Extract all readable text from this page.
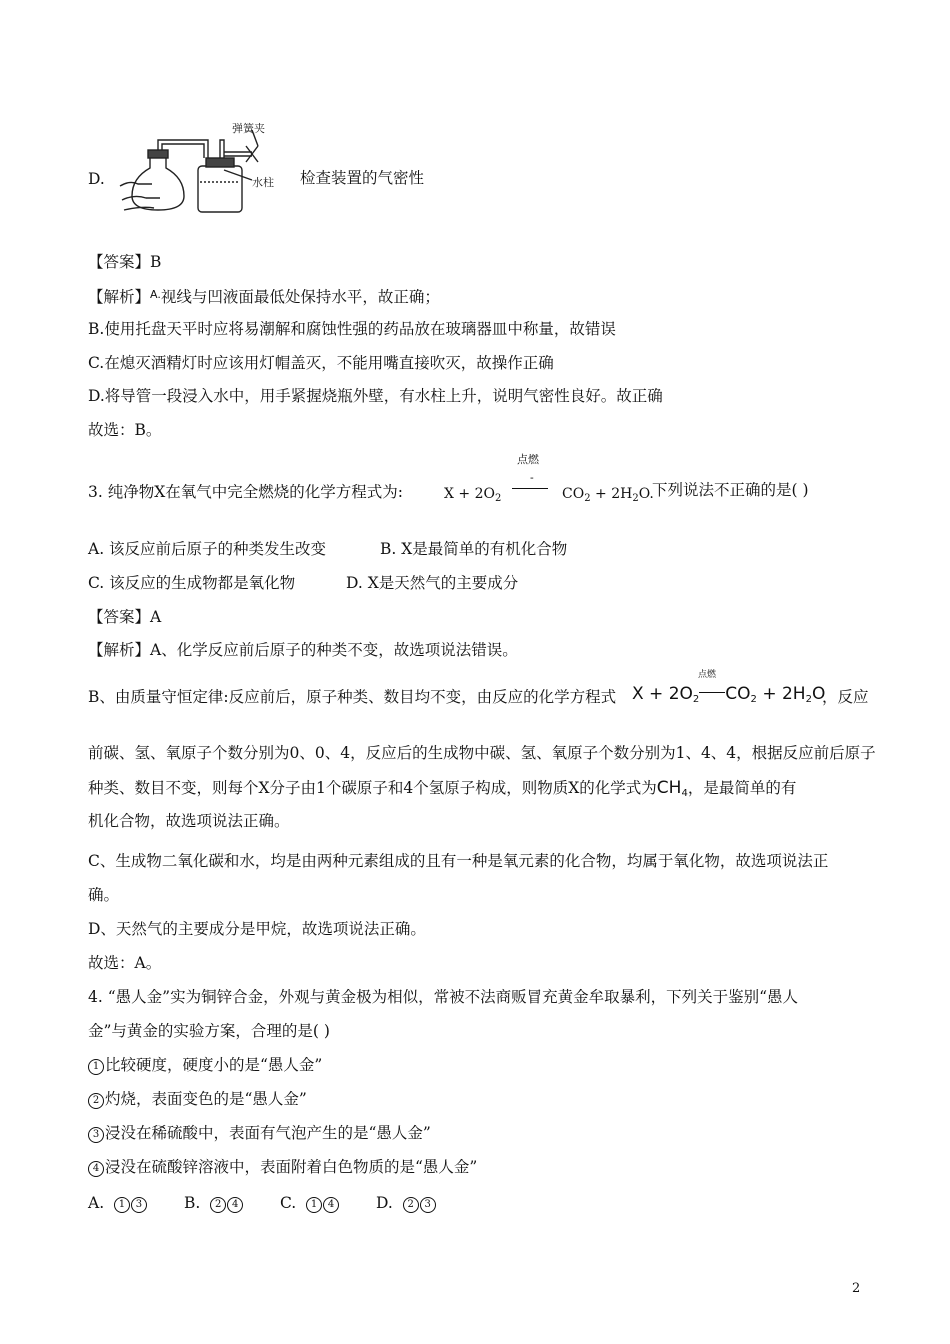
D.
弹簧夹
水柱 检查装置的气密性
【答案】B
【解析】$^{A.}$视线与凹液面最低处保持水平，故正确；
B.使用托盘天平时应将易潮解和腐蚀性强的药品放在玻璃器皿中称量，故错误
C.在熄灭酒精灯时应该用灯帽盖灭，不能用嘴直接吹灭，故操作正确
D.将导管一段浸入水中，用手紧握烧瓶外壁，有水柱上升，说明气密性良好。故正确
故选：B。
3. 纯净物X在氧气中完全燃烧的化学方程式为:	$X + 2O_2$
点燃
-
$CO_2 + 2H_2O$.
下列说法不正确的是( )
A. 该反应前后原子的种类发生改变	B. X是最简单的有机化合物
C. 该反应的生成物都是氧化物	D. X是天然气的主要成分
【答案】A
【解析】A、化学反应前后原子的种类不变，故选项说法错误。
B、由质量守恒定律:反应前后，原子种类、数目均不变，由反应的化学方程式
点燃
$X + 2O_2$ $CO_2 + 2H_2O$
，反应
前碳、氢、氧原子个数分别为0、0、4，反应后的生成物中碳、氢、氧原子个数分别为1、4、4，根据反应前后原子
种类、数目不变，则每个X分子由1个碳原子和4个氢原子构成，则物质X的化学式为$CH_4$，是最简单的有
机化合物，故选项说法正确。
C、生成物二氧化碳和水，均是由两种元素组成的且有一种是氧元素的化合物，均属于氧化物，故选项说法正
确。
D、天然气的主要成分是甲烷，故选项说法正确。
故选：A。
4. “愚人金”实为铜锌合金，外观与黄金极为相似，常被不法商贩冒充黄金牟取暴利，下列关于鉴别“愚人
金”与黄金的实验方案，合理的是( )
1 比较硬度，硬度小的是“愚人金”
2 灼烧，表面变色的是“愚人金”
3 浸没在稀硫酸中，表面有气泡产生的是“愚人金”
4 浸没在硫酸锌溶液中，表面附着白色物质的是“愚人金”
A. 1 3	B. 2 4	C. 1 4	D. 2 3
2
